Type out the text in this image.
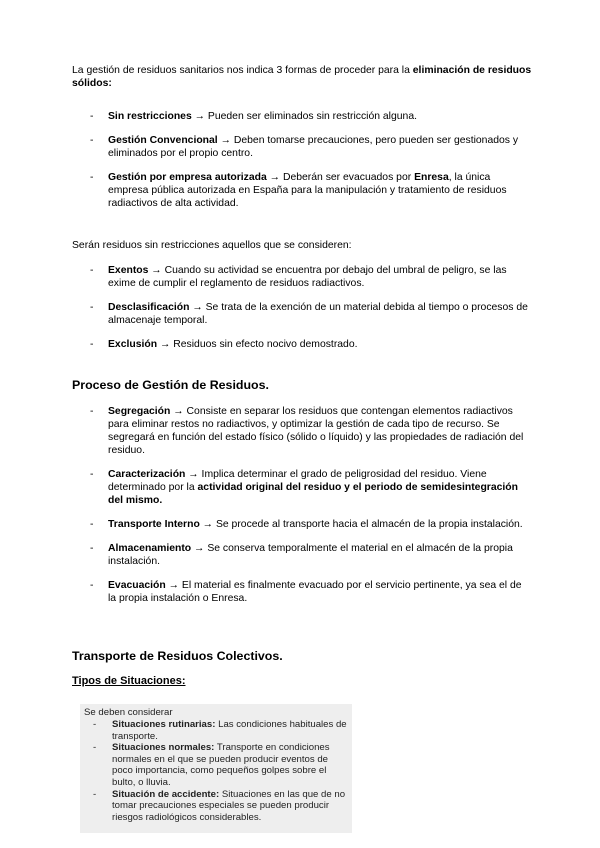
La gestión de residuos sanitarios nos indica 3 formas de proceder para la eliminación de residuos sólidos:

- Sin restricciones → Pueden ser eliminados sin restricción alguna.
- Gestión Convencional → Deben tomarse precauciones, pero pueden ser gestionados y eliminados por el propio centro.
- Gestión por empresa autorizada → Deberán ser evacuados por Enresa, la única empresa pública autorizada en España para la manipulación y tratamiento de residuos radiactivos de alta actividad.

Serán residuos sin restricciones aquellos que se consideren:

- Exentos → Cuando su actividad se encuentra por debajo del umbral de peligro, se las exime de cumplir el reglamento de residuos radiactivos.
- Desclasificación → Se trata de la exención de un material debida al tiempo o procesos de almacenaje temporal.
- Exclusión → Residuos sin efecto nocivo demostrado.
Proceso de Gestión de Residuos.
- Segregación → Consiste en separar los residuos que contengan elementos radiactivos para eliminar restos no radiactivos, y optimizar la gestión de cada tipo de recurso. Se segregará en función del estado físico (sólido o líquido) y las propiedades de radiación del residuo.
- Caracterización → Implica determinar el grado de peligrosidad del residuo. Viene determinado por la actividad original del residuo y el periodo de semidesintegración del mismo.
- Transporte Interno → Se procede al transporte hacia el almacén de la propia instalación.
- Almacenamiento → Se conserva temporalmente el material en el almacén de la propia instalación.
- Evacuación → El material es finalmente evacuado por el servicio pertinente, ya sea el de la propia instalación o Enresa.
Transporte de Residuos Colectivos.
Tipos de Situaciones:
Se deben considerar
- Situaciones rutinarias: Las condiciones habituales de transporte.
- Situaciones normales: Transporte en condiciones normales en el que se pueden producir eventos de poco importancia, como pequeños golpes sobre el bulto, o lluvia.
- Situación de accidente: Situaciones en las que de no tomar precauciones especiales se pueden producir riesgos radiológicos considerables.
